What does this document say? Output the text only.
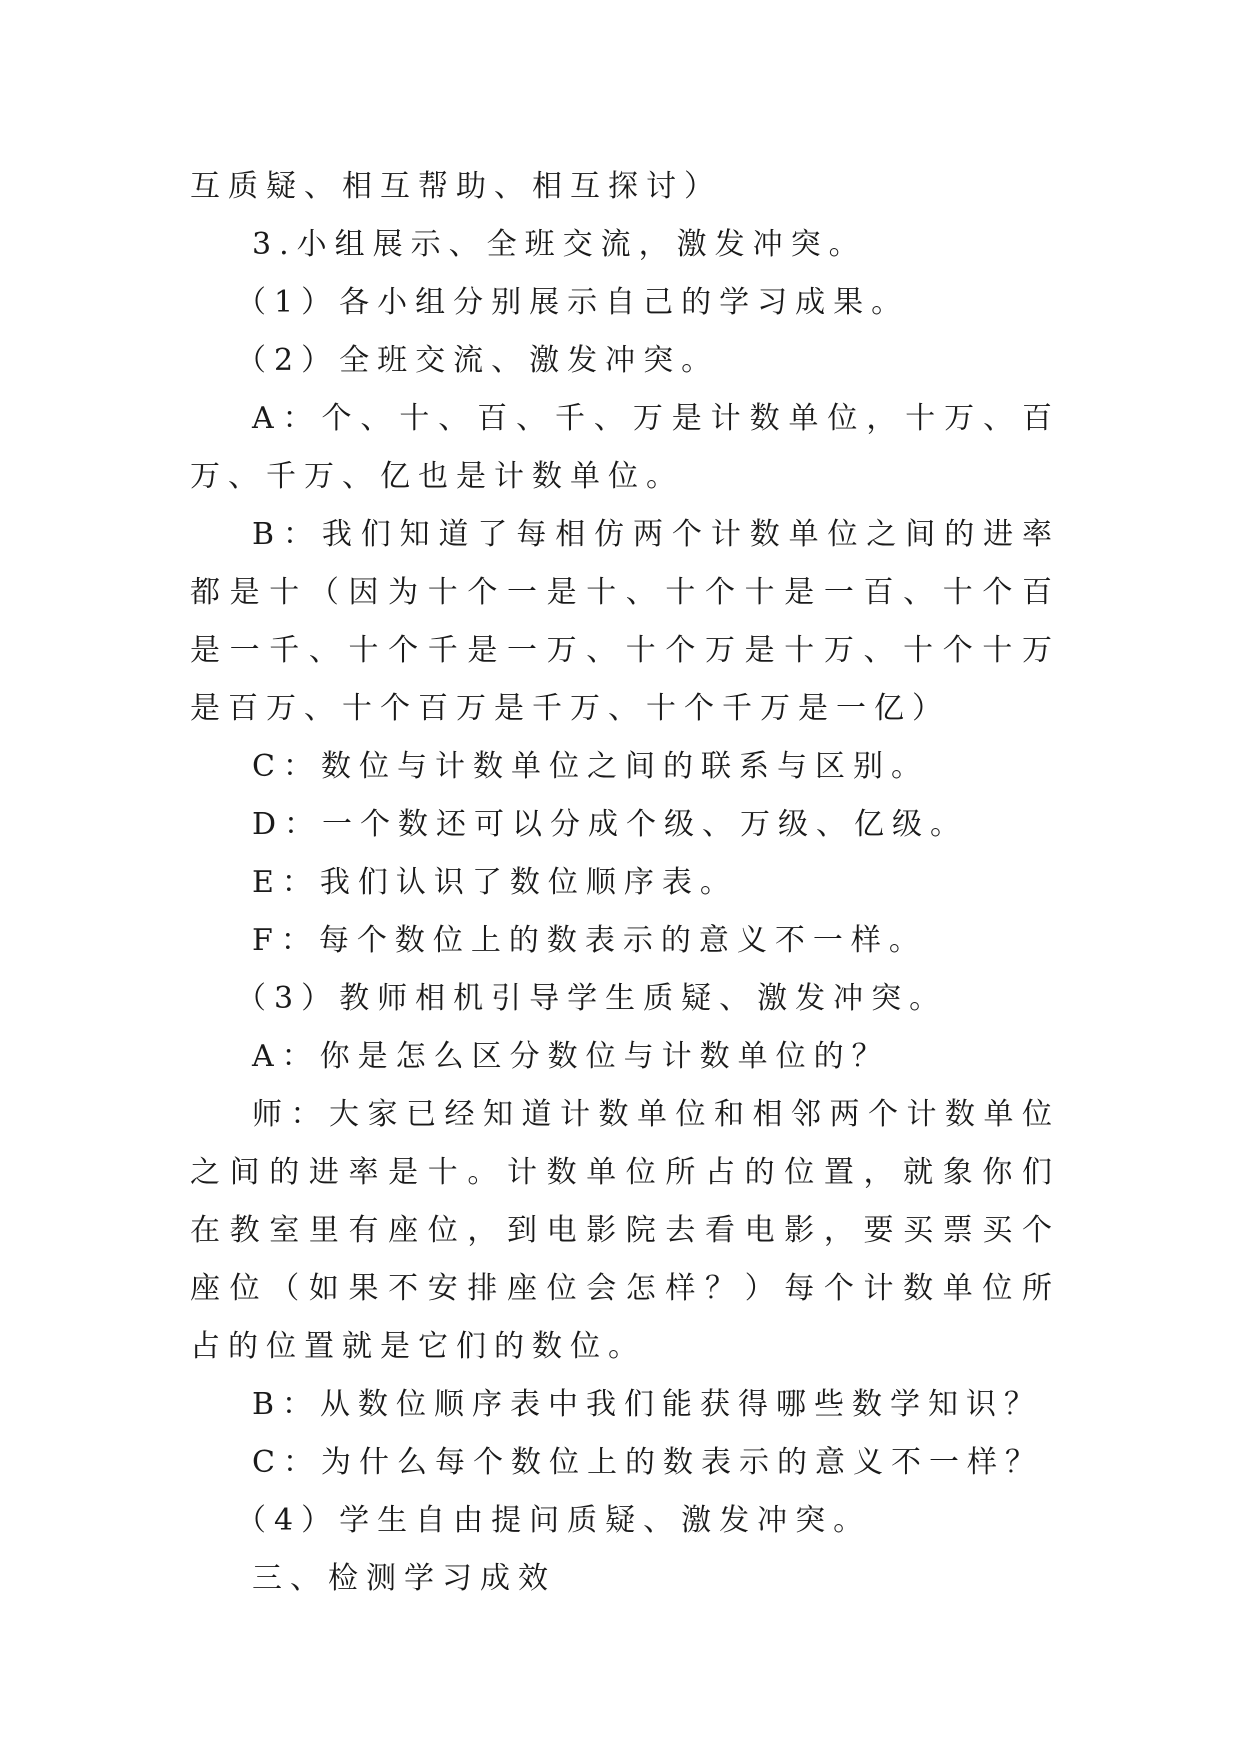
互质疑、相互帮助、相互探讨）

3.小组展示、全班交流，激发冲突。

（1）各小组分别展示自己的学习成果。

（2）全班交流、激发冲突。

A：个、十、百、千、万是计数单位，十万、百万、千万、亿也是计数单位。

B：我们知道了每相仿两个计数单位之间的进率都是十（因为十个一是十、十个十是一百、十个百是一千、十个千是一万、十个万是十万、十个十万是百万、十个百万是千万、十个千万是一亿）

C：数位与计数单位之间的联系与区别。

D：一个数还可以分成个级、万级、亿级。

E：我们认识了数位顺序表。

F：每个数位上的数表示的意义不一样。

（3）教师相机引导学生质疑、激发冲突。

A：你是怎么区分数位与计数单位的？

师：大家已经知道计数单位和相邻两个计数单位之间的进率是十。计数单位所占的位置，就象你们在教室里有座位，到电影院去看电影，要买票买个座位（如果不安排座位会怎样？）每个计数单位所占的位置就是它们的数位。

B：从数位顺序表中我们能获得哪些数学知识？

C：为什么每个数位上的数表示的意义不一样？

（4）学生自由提问质疑、激发冲突。

三、检测学习成效
